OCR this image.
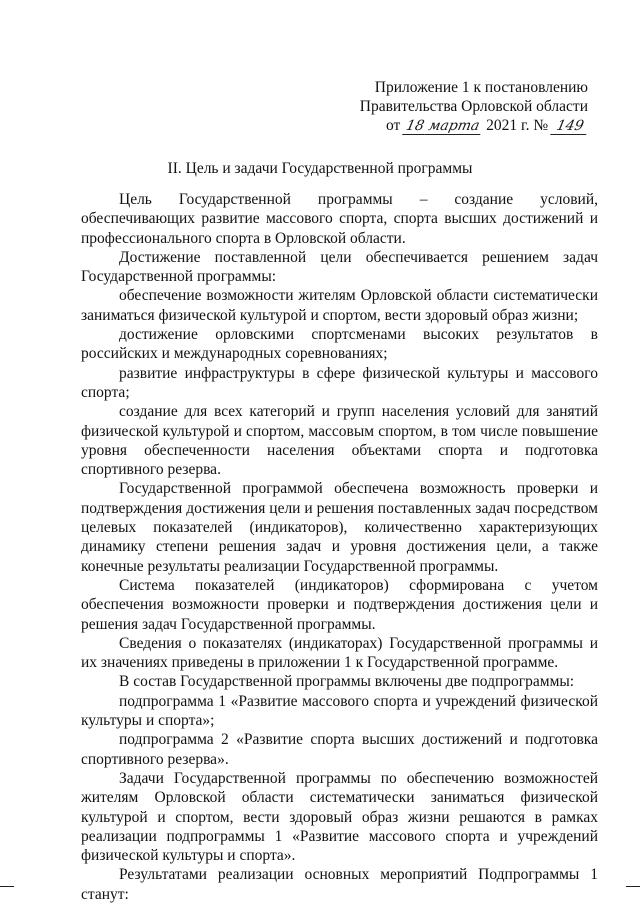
Приложение 1 к постановлению
Правительства Орловской области
от 18марта 2021 г. № 149
II. Цель и задачи Государственной программы

Цель Государственной программы – создание условий, обеспечивающих развитие массового спорта, спорта высших достижений и профессионального спорта в Орловской области.

Достижение поставленной цели обеспечивается решением задач Государственной программы:

обеспечение возможности жителям Орловской области систематически заниматься физической культурой и спортом, вести здоровый образ жизни;

достижение орловскими спортсменами высоких результатов в российских и международных соревнованиях;

развитие инфраструктуры в сфере физической культуры и массового спорта;

создание для всех категорий и групп населения условий для занятий физической культурой и спортом, массовым спортом, в том числе повышение уровня обеспеченности населения объектами спорта и подготовка спортивного резерва.

Государственной программой обеспечена возможность проверки и подтверждения достижения цели и решения поставленных задач посредством целевых показателей (индикаторов), количественно характеризующих динамику степени решения задач и уровня достижения цели, а также конечные результаты реализации Государственной программы.

Система показателей (индикаторов) сформирована с учетом обеспечения возможности проверки и подтверждения достижения цели и решения задач Государственной программы.

Сведения о показателях (индикаторах) Государственной программы и их значениях приведены в приложении 1 к Государственной программе.

В состав Государственной программы включены две подпрограммы:

подпрограмма 1 «Развитие массового спорта и учреждений физической культуры и спорта»;

подпрограмма 2 «Развитие спорта высших достижений и подготовка спортивного резерва».

Задачи Государственной программы по обеспечению возможностей жителям Орловской области систематически заниматься физической культурой и спортом, вести здоровый образ жизни решаются в рамках реализации подпрограммы 1 «Развитие массового спорта и учреждений физической культуры и спорта».

Результатами реализации основных мероприятий Подпрограммы 1 станут:
